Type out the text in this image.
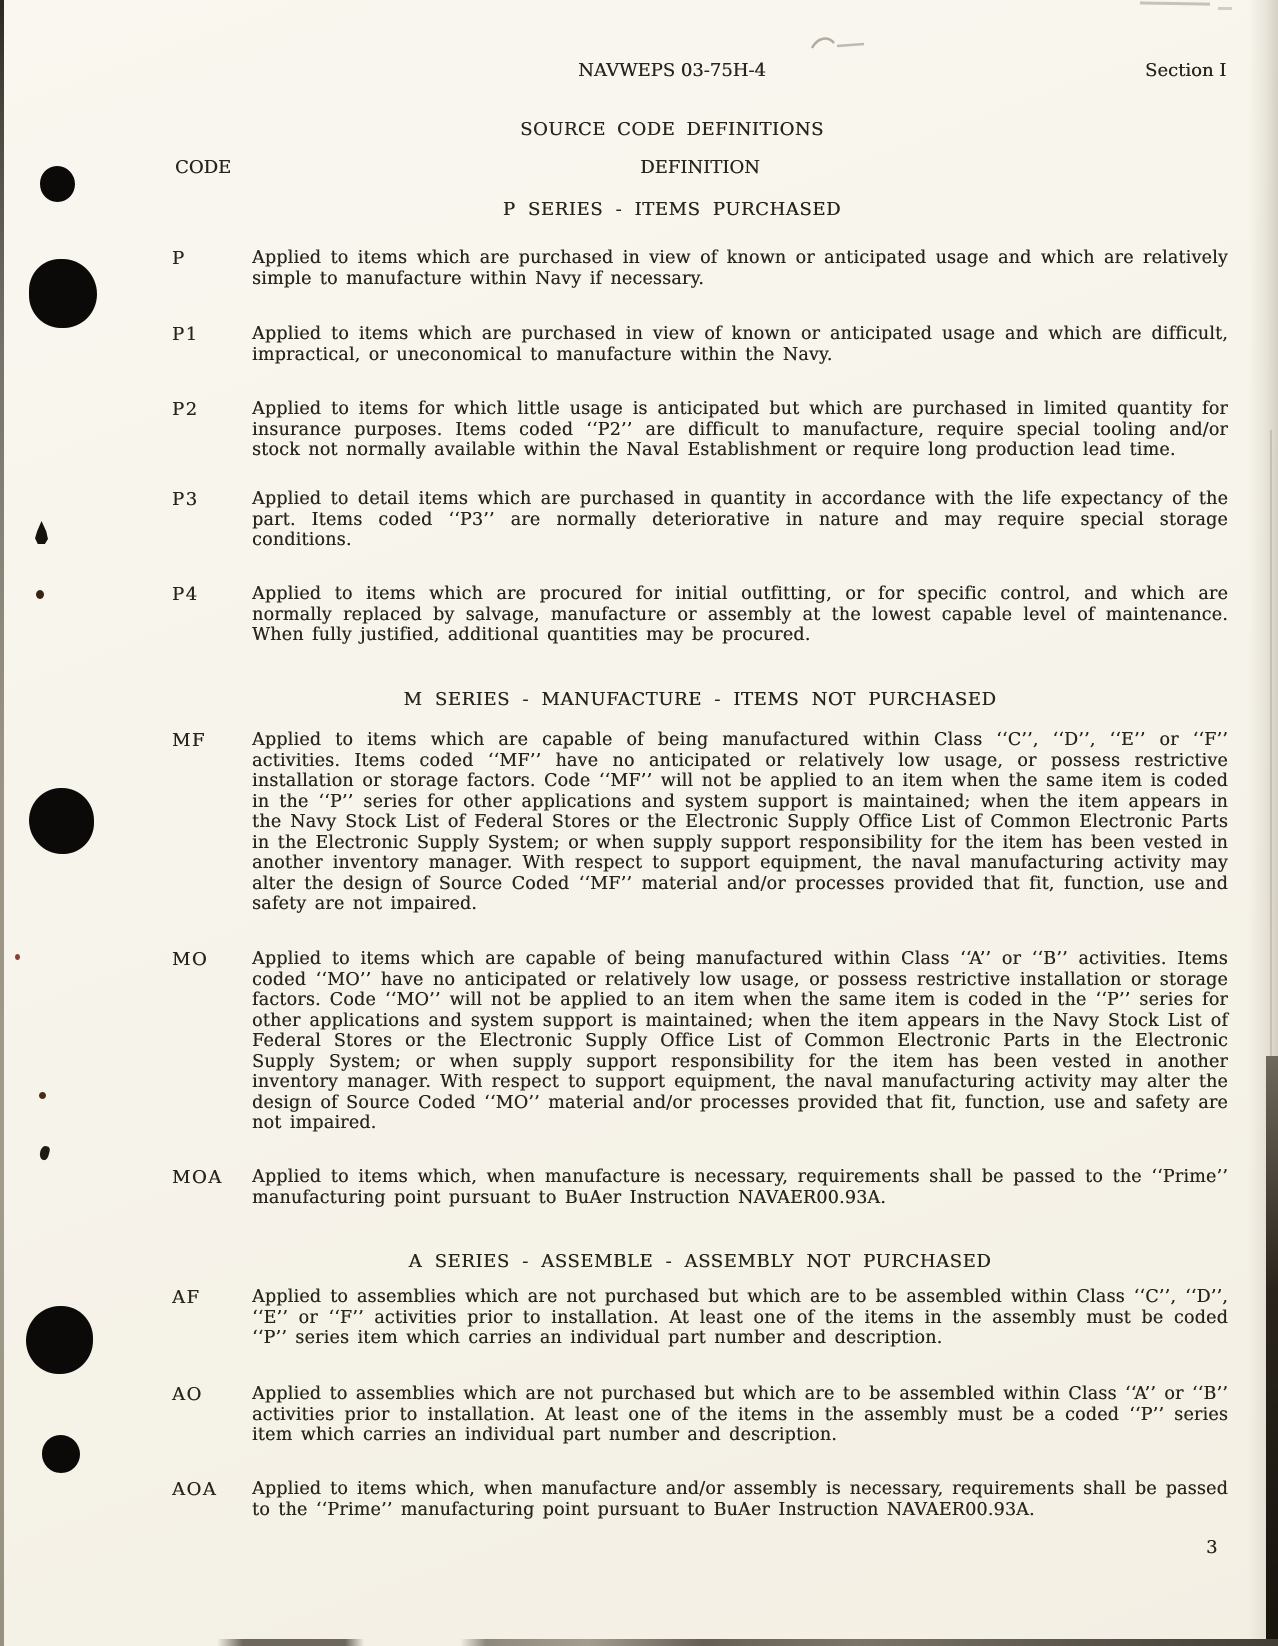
NAVWEPS 03-75H-4	Section I
SOURCE CODE DEFINITIONS
CODE	DEFINITION
P SERIES - ITEMS PURCHASED
P	Applied to items which are purchased in view of known or anticipated usage and which are relatively simple to manufacture within Navy if necessary.
P1	Applied to items which are purchased in view of known or anticipated usage and which are difficult, impractical, or uneconomical to manufacture within the Navy.
P2	Applied to items for which little usage is anticipated but which are purchased in limited quantity for insurance purposes. Items coded ‘‘P2’’ are difficult to manufacture, require special tooling and/or stock not normally available within the Naval Establishment or require long production lead time.
P3	Applied to detail items which are purchased in quantity in accordance with the life expectancy of the part. Items coded ‘‘P3’’ are normally deteriorative in nature and may require special storage conditions.
P4	Applied to items which are procured for initial outfitting, or for specific control, and which are normally replaced by salvage, manufacture or assembly at the lowest capable level of maintenance. When fully justified, additional quantities may be procured.
M SERIES - MANUFACTURE - ITEMS NOT PURCHASED
MF	Applied to items which are capable of being manufactured within Class ‘‘C’’, ‘‘D’’, ‘‘E’’ or ‘‘F’’ activities. Items coded ‘‘MF’’ have no anticipated or relatively low usage, or possess restrictive installation or storage factors. Code ‘‘MF’’ will not be applied to an item when the same item is coded in the ‘‘P’’ series for other applications and system support is maintained; when the item appears in the Navy Stock List of Federal Stores or the Electronic Supply Office List of Common Electronic Parts in the Electronic Supply System; or when supply support responsibility for the item has been vested in another inventory manager. With respect to support equipment, the naval manufacturing activity may alter the design of Source Coded ‘‘MF’’ material and/or processes provided that fit, function, use and safety are not impaired.
MO	Applied to items which are capable of being manufactured within Class ‘‘A’’ or ‘‘B’’ activities. Items coded ‘‘MO’’ have no anticipated or relatively low usage, or possess restrictive installation or storage factors. Code ‘‘MO’’ will not be applied to an item when the same item is coded in the ‘‘P’’ series for other applications and system support is maintained; when the item appears in the Navy Stock List of Federal Stores or the Electronic Supply Office List of Common Electronic Parts in the Electronic Supply System; or when supply support responsibility for the item has been vested in another inventory manager. With respect to support equipment, the naval manufacturing activity may alter the design of Source Coded ‘‘MO’’ material and/or processes provided that fit, function, use and safety are not impaired.
MOA	Applied to items which, when manufacture is necessary, requirements shall be passed to the ‘‘Prime’’ manufacturing point pursuant to BuAer Instruction NAVAER00.93A.
A SERIES - ASSEMBLE - ASSEMBLY NOT PURCHASED
AF	Applied to assemblies which are not purchased but which are to be assembled within Class ‘‘C’’, ‘‘D’’, ‘‘E’’ or ‘‘F’’ activities prior to installation. At least one of the items in the assembly must be coded ‘‘P’’ series item which carries an individual part number and description.
AO	Applied to assemblies which are not purchased but which are to be assembled within Class ‘‘A’’ or ‘‘B’’ activities prior to installation. At least one of the items in the assembly must be a coded ‘‘P’’ series item which carries an individual part number and description.
AOA	Applied to items which, when manufacture and/or assembly is necessary, requirements shall be passed to the ‘‘Prime’’ manufacturing point pursuant to BuAer Instruction NAVAER00.93A.
3
